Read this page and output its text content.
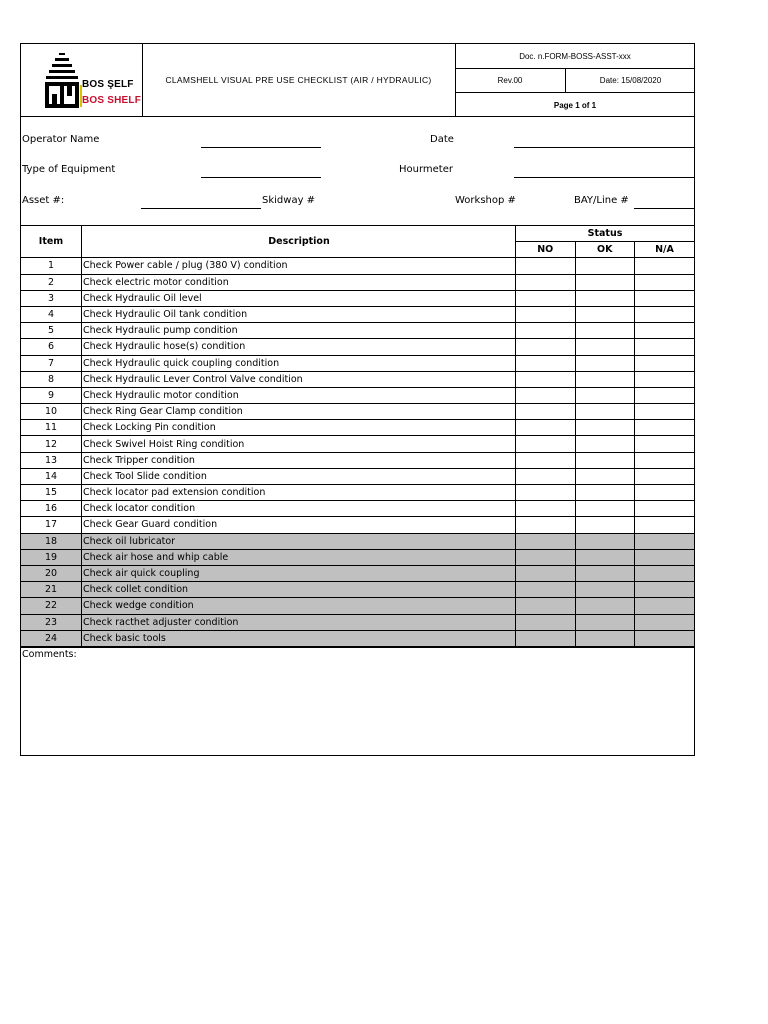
BOS ŞELF
BOS SHELF
CLAMSHELL VISUAL PRE USE CHECKLIST (AIR / HYDRAULIC)
Doc. n.FORM-BOSS-ASST-xxx
Rev.00	Date: 15/08/2020
Page 1 of 1
Operator Name	Date
Type of Equipment	Hourmeter
Asset #:	Skidway #	Workshop #	BAY/Line #
Item	Description	Status		
		NO	OK	N/A
1	Check Power cable / plug (380 V) condition			
2	Check electric motor condition			
3	Check Hydraulic Oil level			
4	Check Hydraulic Oil tank condition			
5	Check Hydraulic pump condition			
6	Check Hydraulic hose(s) condition			
7	Check Hydraulic quick coupling condition			
8	Check Hydraulic Lever Control Valve condition			
9	Check Hydraulic motor condition			
10	Check Ring Gear Clamp condition			
11	Check Locking Pin condition			
12	Check Swivel Hoist Ring condition			
13	Check Tripper condition			
14	Check Tool Slide condition			
15	Check locator pad extension condition			
16	Check locator condition			
17	Check Gear Guard condition			
18	Check oil lubricator			
19	Check air hose and whip cable			
20	Check air quick coupling			
21	Check collet condition			
22	Check wedge condition			
23	Check racthet adjuster condition			
24	Check basic tools			
Comments:
